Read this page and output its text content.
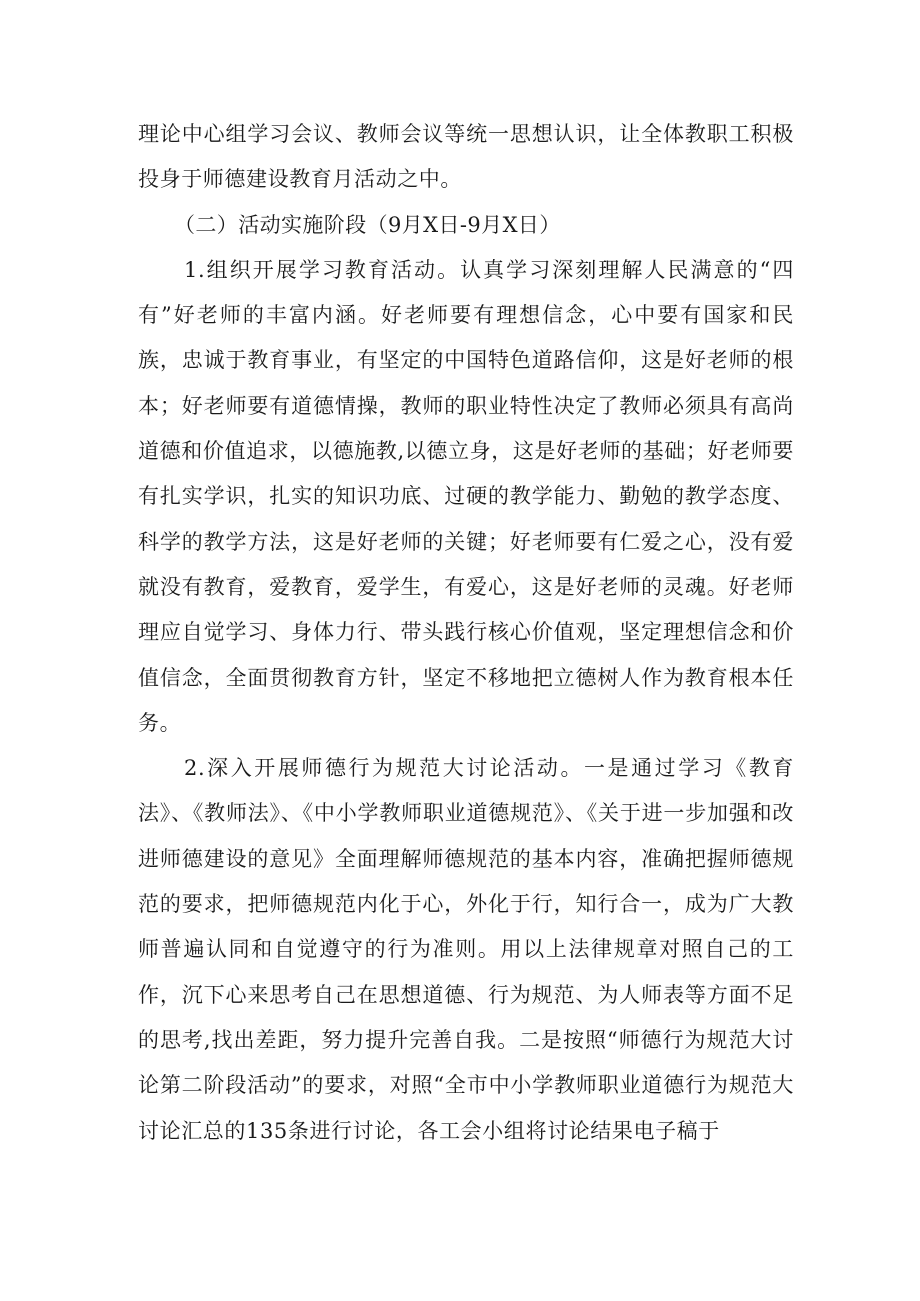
理论中心组学习会议、教师会议等统一思想认识，让全体教职工积极投身于师德建设教育月活动之中。

（二）活动实施阶段（9月X日-9月X日）

1.组织开展学习教育活动。认真学习深刻理解人民满意的“四有”好老师的丰富内涵。好老师要有理想信念，心中要有国家和民族，忠诚于教育事业，有坚定的中国特色道路信仰，这是好老师的根本；好老师要有道德情操，教师的职业特性决定了教师必须具有高尚道德和价值追求，以德施教,以德立身，这是好老师的基础；好老师要有扎实学识，扎实的知识功底、过硬的教学能力、勤勉的教学态度、科学的教学方法，这是好老师的关键；好老师要有仁爱之心，没有爱就没有教育，爱教育，爱学生，有爱心，这是好老师的灵魂。好老师理应自觉学习、身体力行、带头践行核心价值观，坚定理想信念和价值信念，全面贯彻教育方针，坚定不移地把立德树人作为教育根本任务。

2.深入开展师德行为规范大讨论活动。一是通过学习《教育法》、《教师法》、《中小学教师职业道德规范》、《关于进一步加强和改进师德建设的意见》全面理解师德规范的基本内容，准确把握师德规范的要求，把师德规范内化于心，外化于行，知行合一，成为广大教师普遍认同和自觉遵守的行为准则。用以上法律规章对照自己的工作，沉下心来思考自己在思想道德、行为规范、为人师表等方面不足的思考,找出差距，努力提升完善自我。二是按照“师德行为规范大讨论第二阶段活动”的要求，对照“全市中小学教师职业道德行为规范大讨论汇总的135条进行讨论，各工会小组将讨论结果电子稿于
